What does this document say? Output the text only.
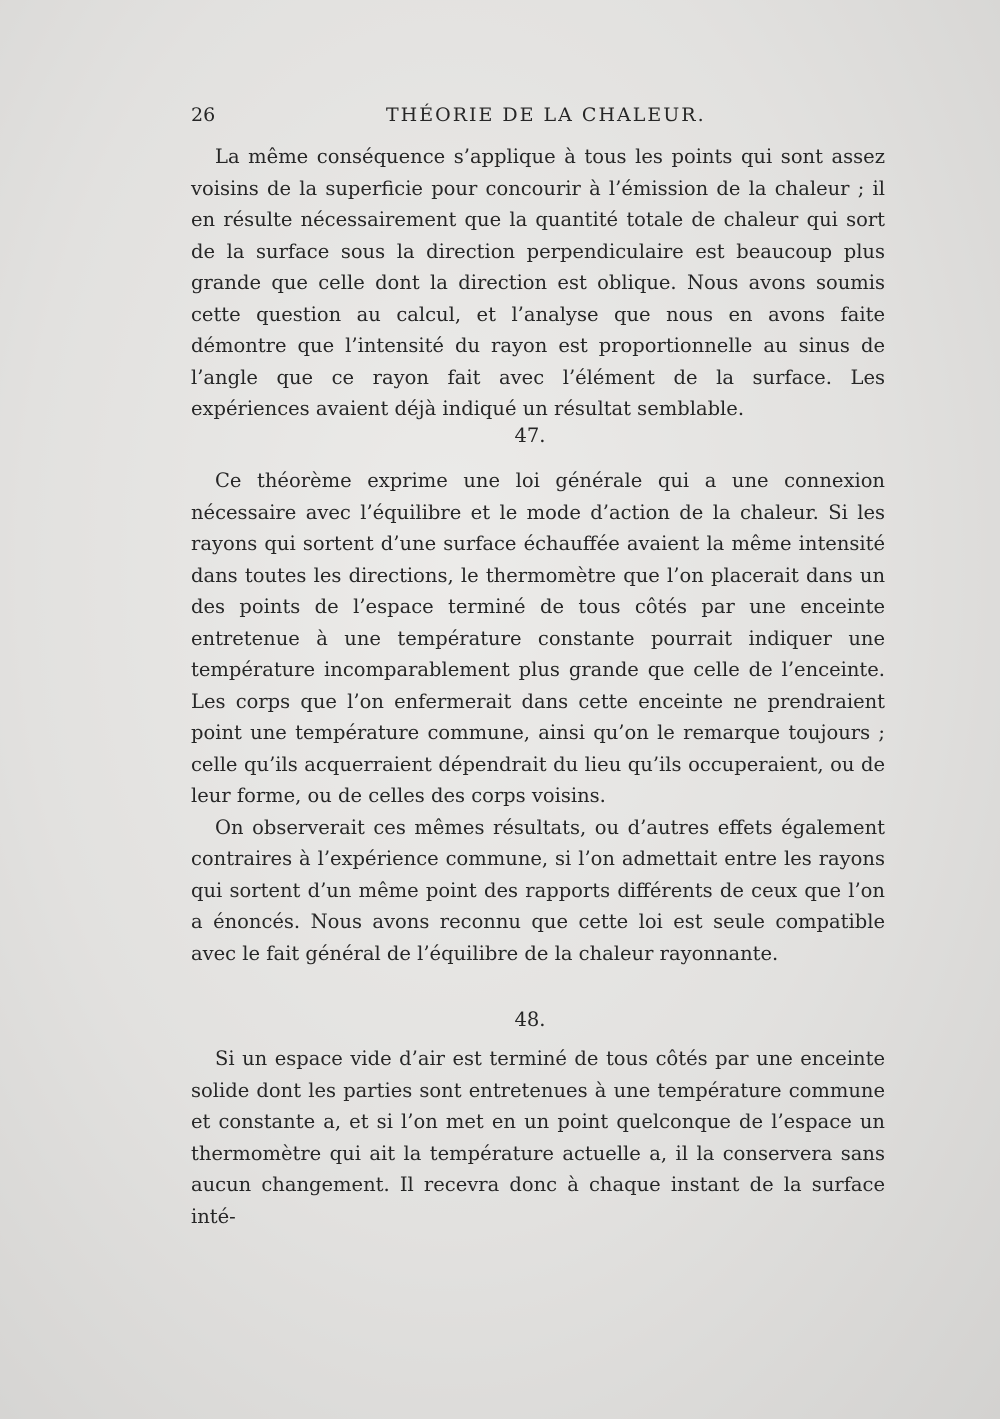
26	THÉORIE DE LA CHALEUR.

La même conséquence s’applique à tous les points qui sont assez voisins de la superficie pour concourir à l’émission de la chaleur ; il en résulte nécessairement que la quantité totale de chaleur qui sort de la surface sous la direction perpendiculaire est beaucoup plus grande que celle dont la direction est oblique. Nous avons soumis cette question au calcul, et l’analyse que nous en avons faite démontre que l’intensité du rayon est proportionnelle au sinus de l’angle que ce rayon fait avec l’élément de la surface. Les expériences avaient déjà indiqué un résultat semblable.

47.

Ce théorème exprime une loi générale qui a une connexion nécessaire avec l’équilibre et le mode d’action de la chaleur. Si les rayons qui sortent d’une surface échauffée avaient la même intensité dans toutes les directions, le thermomètre que l’on placerait dans un des points de l’espace terminé de tous côtés par une enceinte entretenue à une température constante pourrait indiquer une température incomparablement plus grande que celle de l’enceinte. Les corps que l’on enfermerait dans cette enceinte ne prendraient point une température commune, ainsi qu’on le remarque toujours ; celle qu’ils acquerraient dépendrait du lieu qu’ils occuperaient, ou de leur forme, ou de celles des corps voisins.

On observerait ces mêmes résultats, ou d’autres effets également contraires à l’expérience commune, si l’on admettait entre les rayons qui sortent d’un même point des rapports différents de ceux que l’on a énoncés. Nous avons reconnu que cette loi est seule compatible avec le fait général de l’équilibre de la chaleur rayonnante.

48.

Si un espace vide d’air est terminé de tous côtés par une enceinte solide dont les parties sont entretenues à une température commune et constante a, et si l’on met en un point quelconque de l’espace un thermomètre qui ait la température actuelle a, il la conservera sans aucun changement. Il recevra donc à chaque instant de la surface inté-
